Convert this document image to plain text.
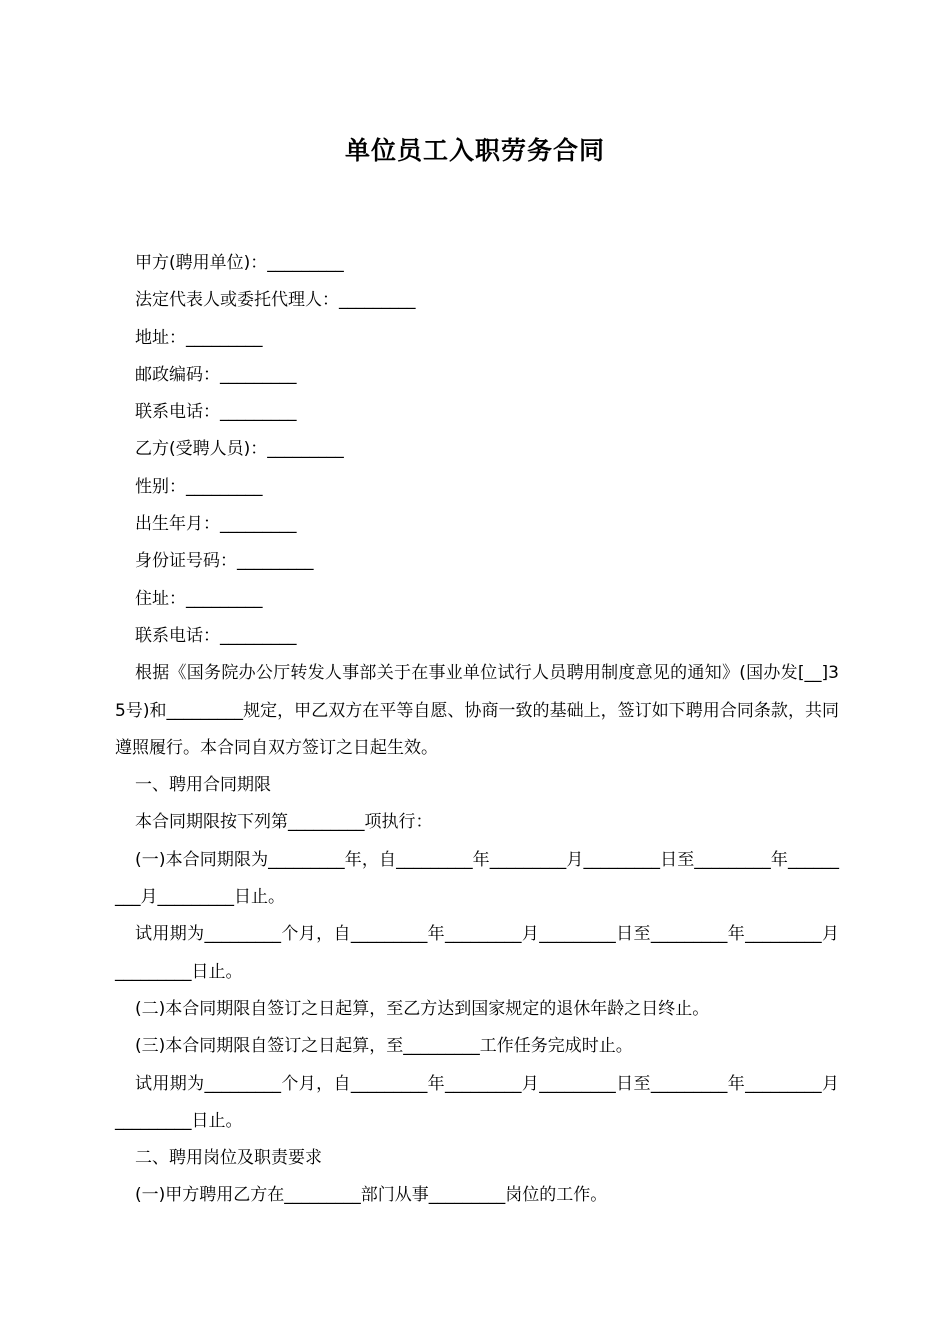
单位员工入职劳务合同

甲方(聘用单位)：_________

法定代表人或委托代理人：_________

地址：_________

邮政编码：_________

联系电话：_________

乙方(受聘人员)：_________

性别：_________

出生年月：_________

身份证号码：_________

住址：_________

联系电话：_________

根据《国务院办公厅转发人事部关于在事业单位试行人员聘用制度意见的通知》(国办发[__]35号)和_________规定，甲乙双方在平等自愿、协商一致的基础上，签订如下聘用合同条款，共同遵照履行。本合同自双方签订之日起生效。

一、聘用合同期限

本合同期限按下列第_________项执行：

(一)本合同期限为_________年，自_________年_________月_________日至_________年_________月_________日止。

试用期为_________个月，自_________年_________月_________日至_________年_________月_________日止。

(二)本合同期限自签订之日起算，至乙方达到国家规定的退休年龄之日终止。

(三)本合同期限自签订之日起算，至_________工作任务完成时止。

试用期为_________个月，自_________年_________月_________日至_________年_________月_________日止。

二、聘用岗位及职责要求

(一)甲方聘用乙方在_________部门从事_________岗位的工作。
